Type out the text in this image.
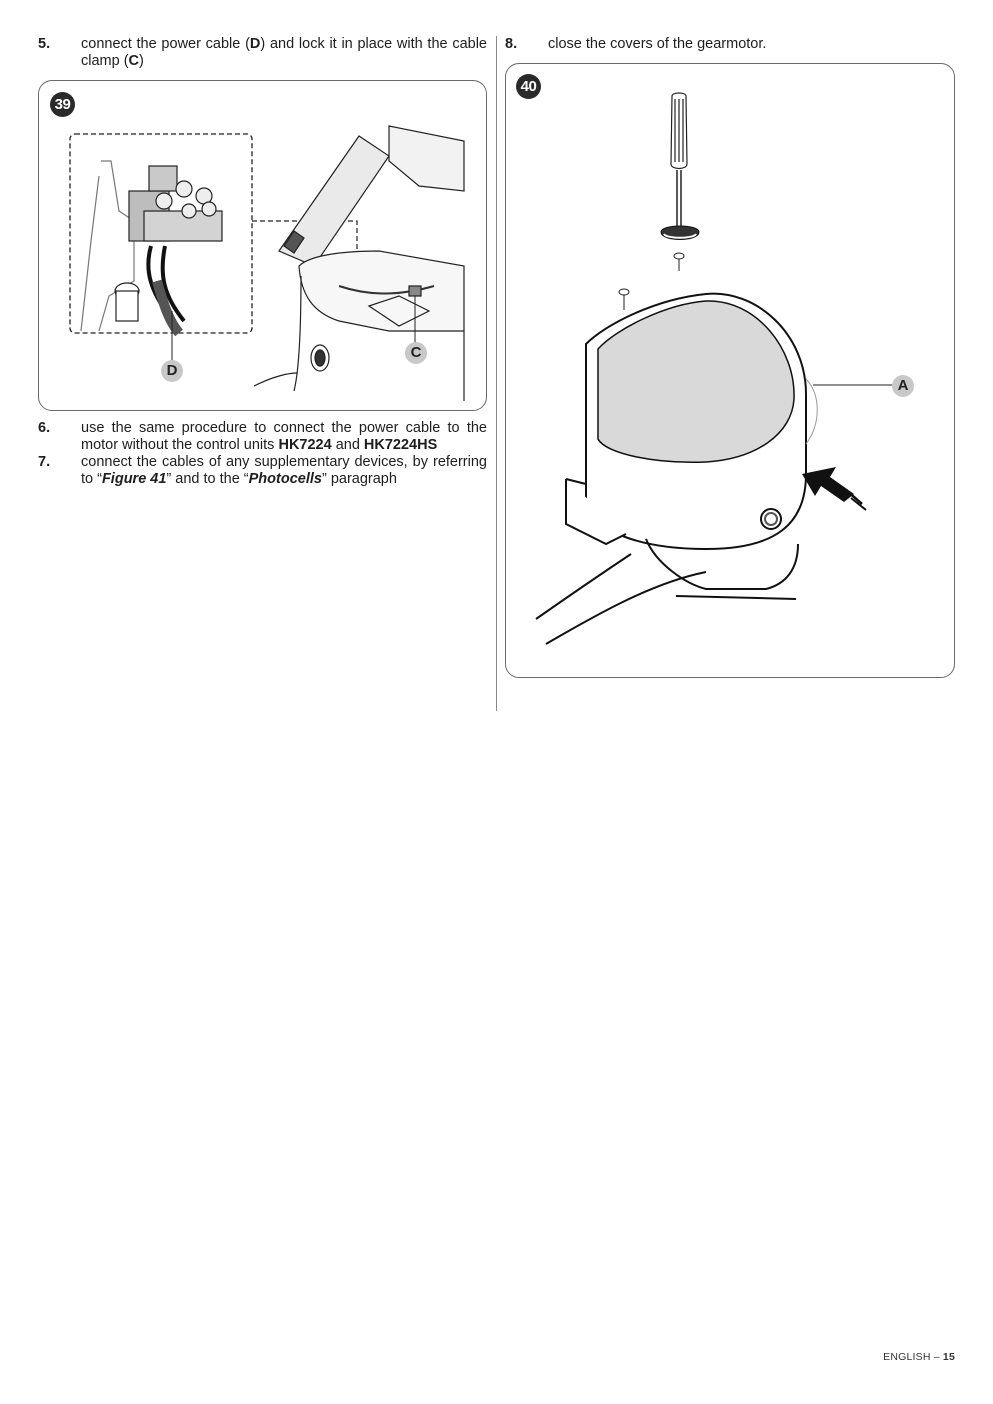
5. connect the power cable (D) and lock it in place with the cable clamp (C)
39
D
C
6. use the same procedure to connect the power cable to the motor without the control units HK7224 and HK7224HS
7. connect the cables of any supplementary devices, by referring to “Figure 41” and to the “Photocells” paragraph
8. close the covers of the gearmotor.
40
A
ENGLISH – 15
